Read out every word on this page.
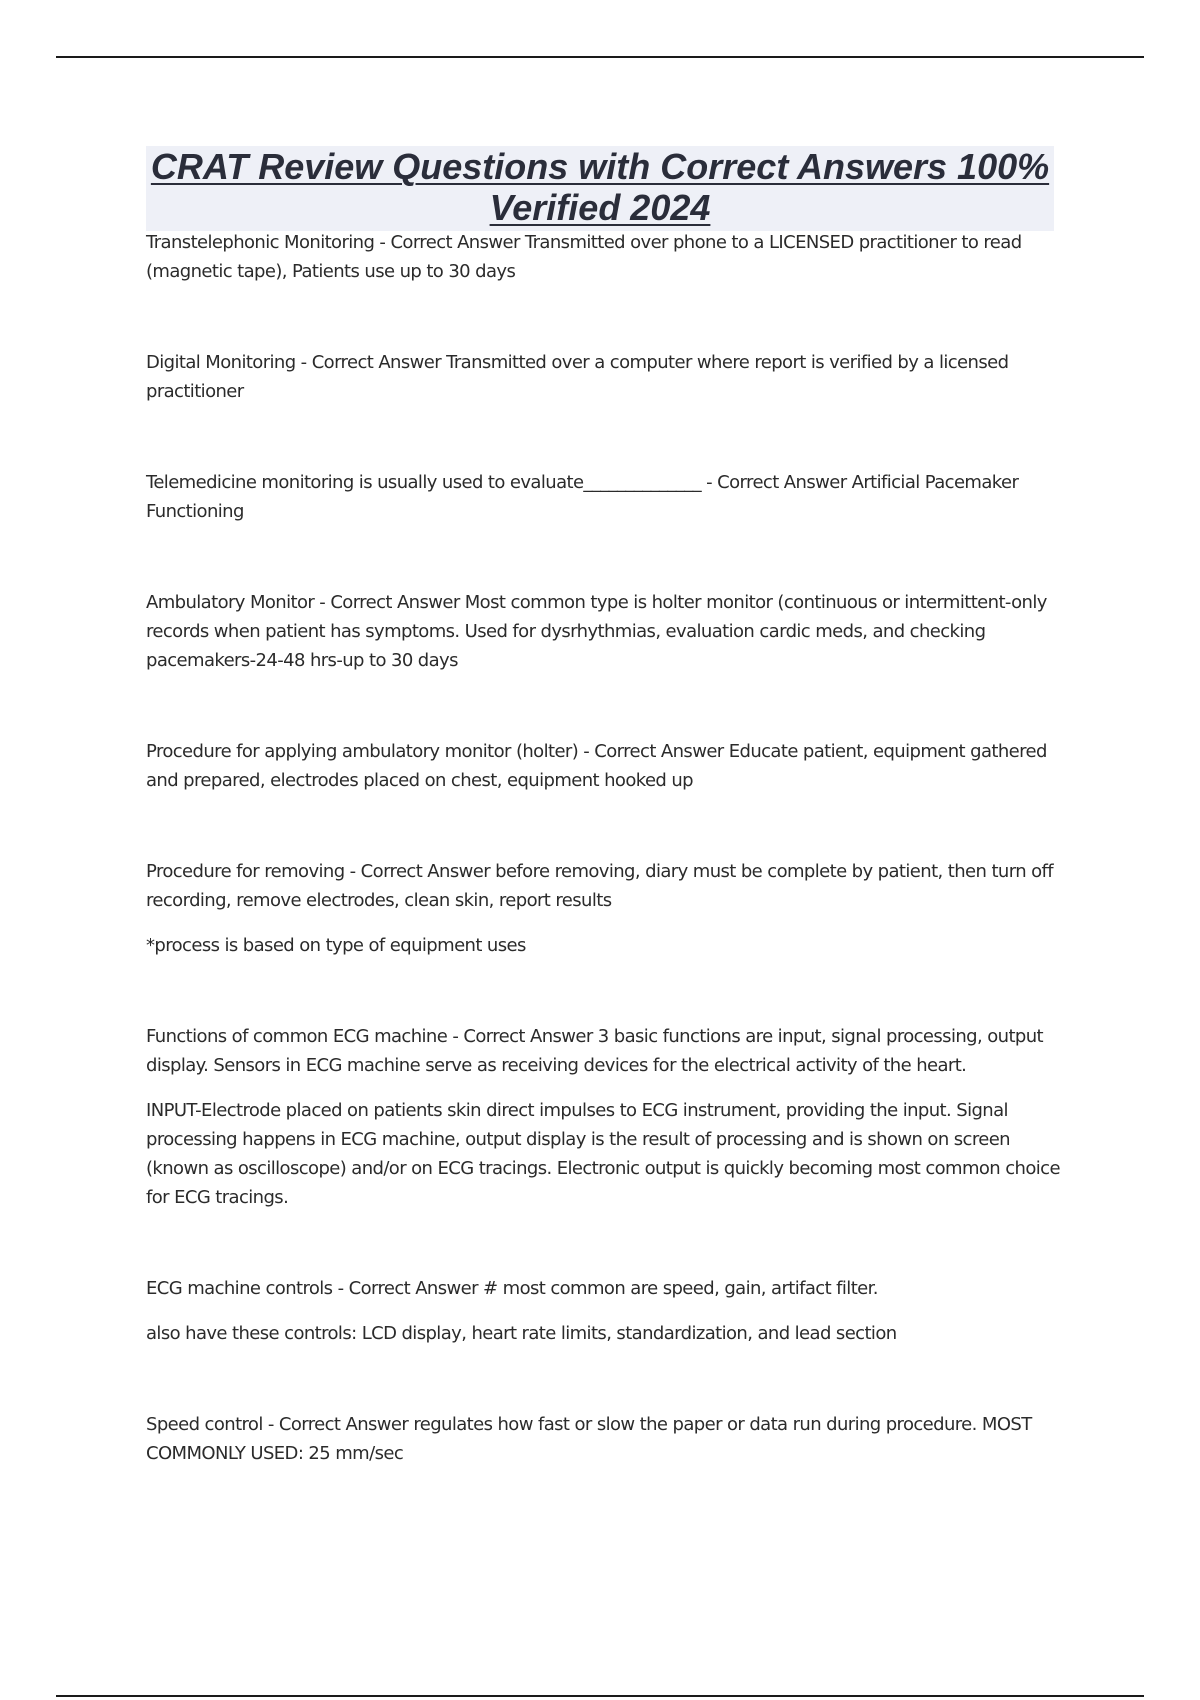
CRAT Review Questions with Correct Answers 100%
Verified 2024

Transtelephonic Monitoring - Correct Answer Transmitted over phone to a LICENSED practitioner to read (magnetic tape), Patients use up to 30 days

Digital Monitoring - Correct Answer Transmitted over a computer where report is verified by a licensed practitioner

Telemedicine monitoring is usually used to evaluate______________ - Correct Answer Artificial Pacemaker Functioning

Ambulatory Monitor - Correct Answer Most common type is holter monitor (continuous or intermittent-only records when patient has symptoms. Used for dysrhythmias, evaluation cardic meds, and checking pacemakers-24-48 hrs-up to 30 days

Procedure for applying ambulatory monitor (holter) - Correct Answer Educate patient, equipment gathered and prepared, electrodes placed on chest, equipment hooked up

Procedure for removing - Correct Answer before removing, diary must be complete by patient, then turn off recording, remove electrodes, clean skin, report results

*process is based on type of equipment uses

Functions of common ECG machine - Correct Answer 3 basic functions are input, signal processing, output display. Sensors in ECG machine serve as receiving devices for the electrical activity of the heart.

INPUT-Electrode placed on patients skin direct impulses to ECG instrument, providing the input. Signal processing happens in ECG machine, output display is the result of processing and is shown on screen (known as oscilloscope) and/or on ECG tracings. Electronic output is quickly becoming most common choice for ECG tracings.

ECG machine controls - Correct Answer # most common are speed, gain, artifact filter.

also have these controls: LCD display, heart rate limits, standardization, and lead section

Speed control - Correct Answer regulates how fast or slow the paper or data run during procedure. MOST COMMONLY USED: 25 mm/sec
